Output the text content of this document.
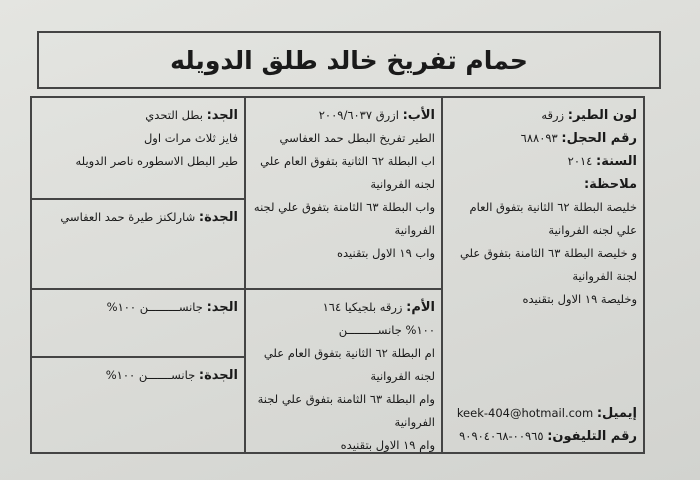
حمام تفريخ خالد طلق الدويله
لون الطير: زرقه
رقم الحجل: ٦٨٨٠٩٣
السنة: ٢٠١٤
ملاحظة:
خليصة البطلة ٦٢ الثانية بتفوق العام علي لجنه الفروانية
و خليصة البطلة ٦٣ الثامنة بتفوق علي لجنة الفروانية
وخليصة ١٩ الاول بتقنيده
إيميل: keek-404@hotmail.com
رقم التليفون: ٠٠٩٦٥-٩٠٩٠٤٠٦٨
الأب: ازرق ٢٠٠٩/٦٠٣٧
الطير تفريخ البطل حمد العفاسي
اب البطلة ٦٢ الثانية بتفوق العام علي لجنه الفروانية
واب البطلة ٦٣ الثامنة بتفوق علي لجنه الفروانية
واب ١٩ الاول بتقنيده
الأم: زرقه بلجيكيا ١٦٤
١٠٠% جانســـــــــن
ام البطلة ٦٢ الثانية بتفوق العام علي لجنه الفروانية
وام البطلة ٦٣ الثامنة بتفوق علي لجنة الفروانية
وام ١٩ الاول بتقنيده
الجد: بطل التحدي
فايز ثلاث مرات اول
طير البطل الاسطوره ناصر الدويله
الجدة: شارلكنز طيرة حمد العفاسي
الجد: جانســـــــــن ١٠٠%
الجدة: جانســـــــن ١٠٠%
